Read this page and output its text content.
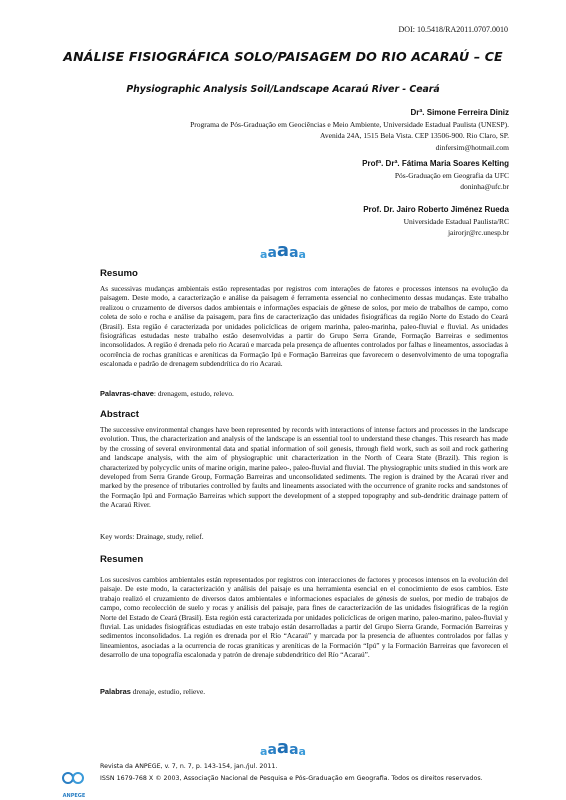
DOI: 10.5418/RA2011.0707.0010
ANÁLISE FISIOGRÁFICA SOLO/PAISAGEM DO RIO ACARAÚ – CE
Physiographic Analysis Soil/Landscape Acaraú River - Ceará
Drª. Simone Ferreira Diniz
Programa de Pós-Graduação em Geociências e Meio Ambiente, Universidade Estadual Paulista (UNESP).
Avenida 24A, 1515 Bela Vista. CEP 13506-900. Rio Claro, SP.
dinfersim@hotmail.com
Profª. Drª. Fátima Maria Soares Kelting
Pós-Graduação em Geografia da UFC
doninha@ufc.br
Prof. Dr. Jairo Roberto Jiménez Rueda
Universidade Estadual Paulista/RC
jairorjr@rc.unesp.br
a a a a a
Resumo
As sucessivas mudanças ambientais estão representadas por registros com interações de fatores e processos intensos na evolução da paisagem. Deste modo, a caracterização e análise da paisagem é ferramenta essencial no conhecimento dessas mudanças. Este trabalho realizou o cruzamento de diversos dados ambientais e informações espaciais de gênese de solos, por meio de trabalhos de campo, como coleta de solo e rocha e análise da paisagem, para fins de caracterização das unidades fisiográficas da região Norte do Estado do Ceará (Brasil). Esta região é caracterizada por unidades policíclicas de origem marinha, paleo-marinha, paleo-fluvial e fluvial. As unidades fisiográficas estudadas neste trabalho estão desenvolvidas a partir do Grupo Serra Grande, Formação Barreiras e sedimentos inconsolidados. A região é drenada pelo rio Acaraú e marcada pela presença de afluentes controlados por falhas e lineamentos, associadas à ocorrência de rochas graníticas e areníticas da Formação Ipú e Formação Barreiras que favorecem o desenvolvimento de uma topografia escalonada e padrão de drenagem subdendrítica do rio Acaraú.
Palavras-chave: drenagem, estudo, relevo.
Abstract
The successive environmental changes have been represented by records with interactions of intense factors and processes in the landscape evolution. Thus, the characterization and analysis of the landscape is an essential tool to understand these changes. This research has made by the crossing of several environmental data and spatial information of soil genesis, through field work, such as soil and rock gathering and landscape analysis, with the aim of physiographic unit characterization in the North of Ceara State (Brazil). This region is characterized by polycyclic units of marine origin, marine paleo-, paleo-fluvial and fluvial. The physiographic units studied in this work are developed from Serra Grande Group, Formação Barreiras and unconsolidated sediments. The region is drained by the Acaraú river and marked by the presence of tributaries controlled by faults and lineaments associated with the occurrence of granite rocks and sandstones of the Formação Ipú and Formação Barreiras which support the development of a stepped topography and sub-dendritic drainage pattern of the Acaraú River.
Key words: Drainage, study, relief.
Resumen
Los sucesivos cambios ambientales están representados por registros con interacciones de factores y procesos intensos en la evolución del paisaje. De este modo, la caracterización y análisis del paisaje es una herramienta esencial en el conocimiento de esos cambios. Este trabajo realizó el cruzamiento de diversos datos ambientales e informaciones espaciales de génesis de suelos, por medio de trabajos de campo, como recolección de suelo y rocas y análisis del paisaje, para fines de caracterización de las unidades fisiográficas de la región Norte del Estado de Ceará (Brasil). Esta región está caracterizada por unidades policíclicas de origen marino, paleo-marino, paleo-fluvial y fluvial. Las unidades fisiográficas estudiadas en este trabajo están desarrolladas a partir del Grupo Sierra Grande, Formación Barreiras y sedimentos inconsolidados. La región es drenada por el Río “Acaraú” y marcada por la presencia de afluentes controlados por fallas y lineamientos, asociadas a la ocurrencia de rocas graníticas y areníticas de la Formación “Ipú” y la Formación Barreiras que favorecen el desarrollo de una topografía escalonada y patrón de drenaje subdendrítico del Río “Acaraú”.
Palabras drenaje, estudio, relieve.
a a a a a
ANPEGE
Revista da ANPEGE, v. 7, n. 7, p. 143-154, jan./jul. 2011.
ISSN 1679-768 X © 2003, Associação Nacional de Pesquisa e Pós-Graduação em Geografia. Todos os direitos reservados.
